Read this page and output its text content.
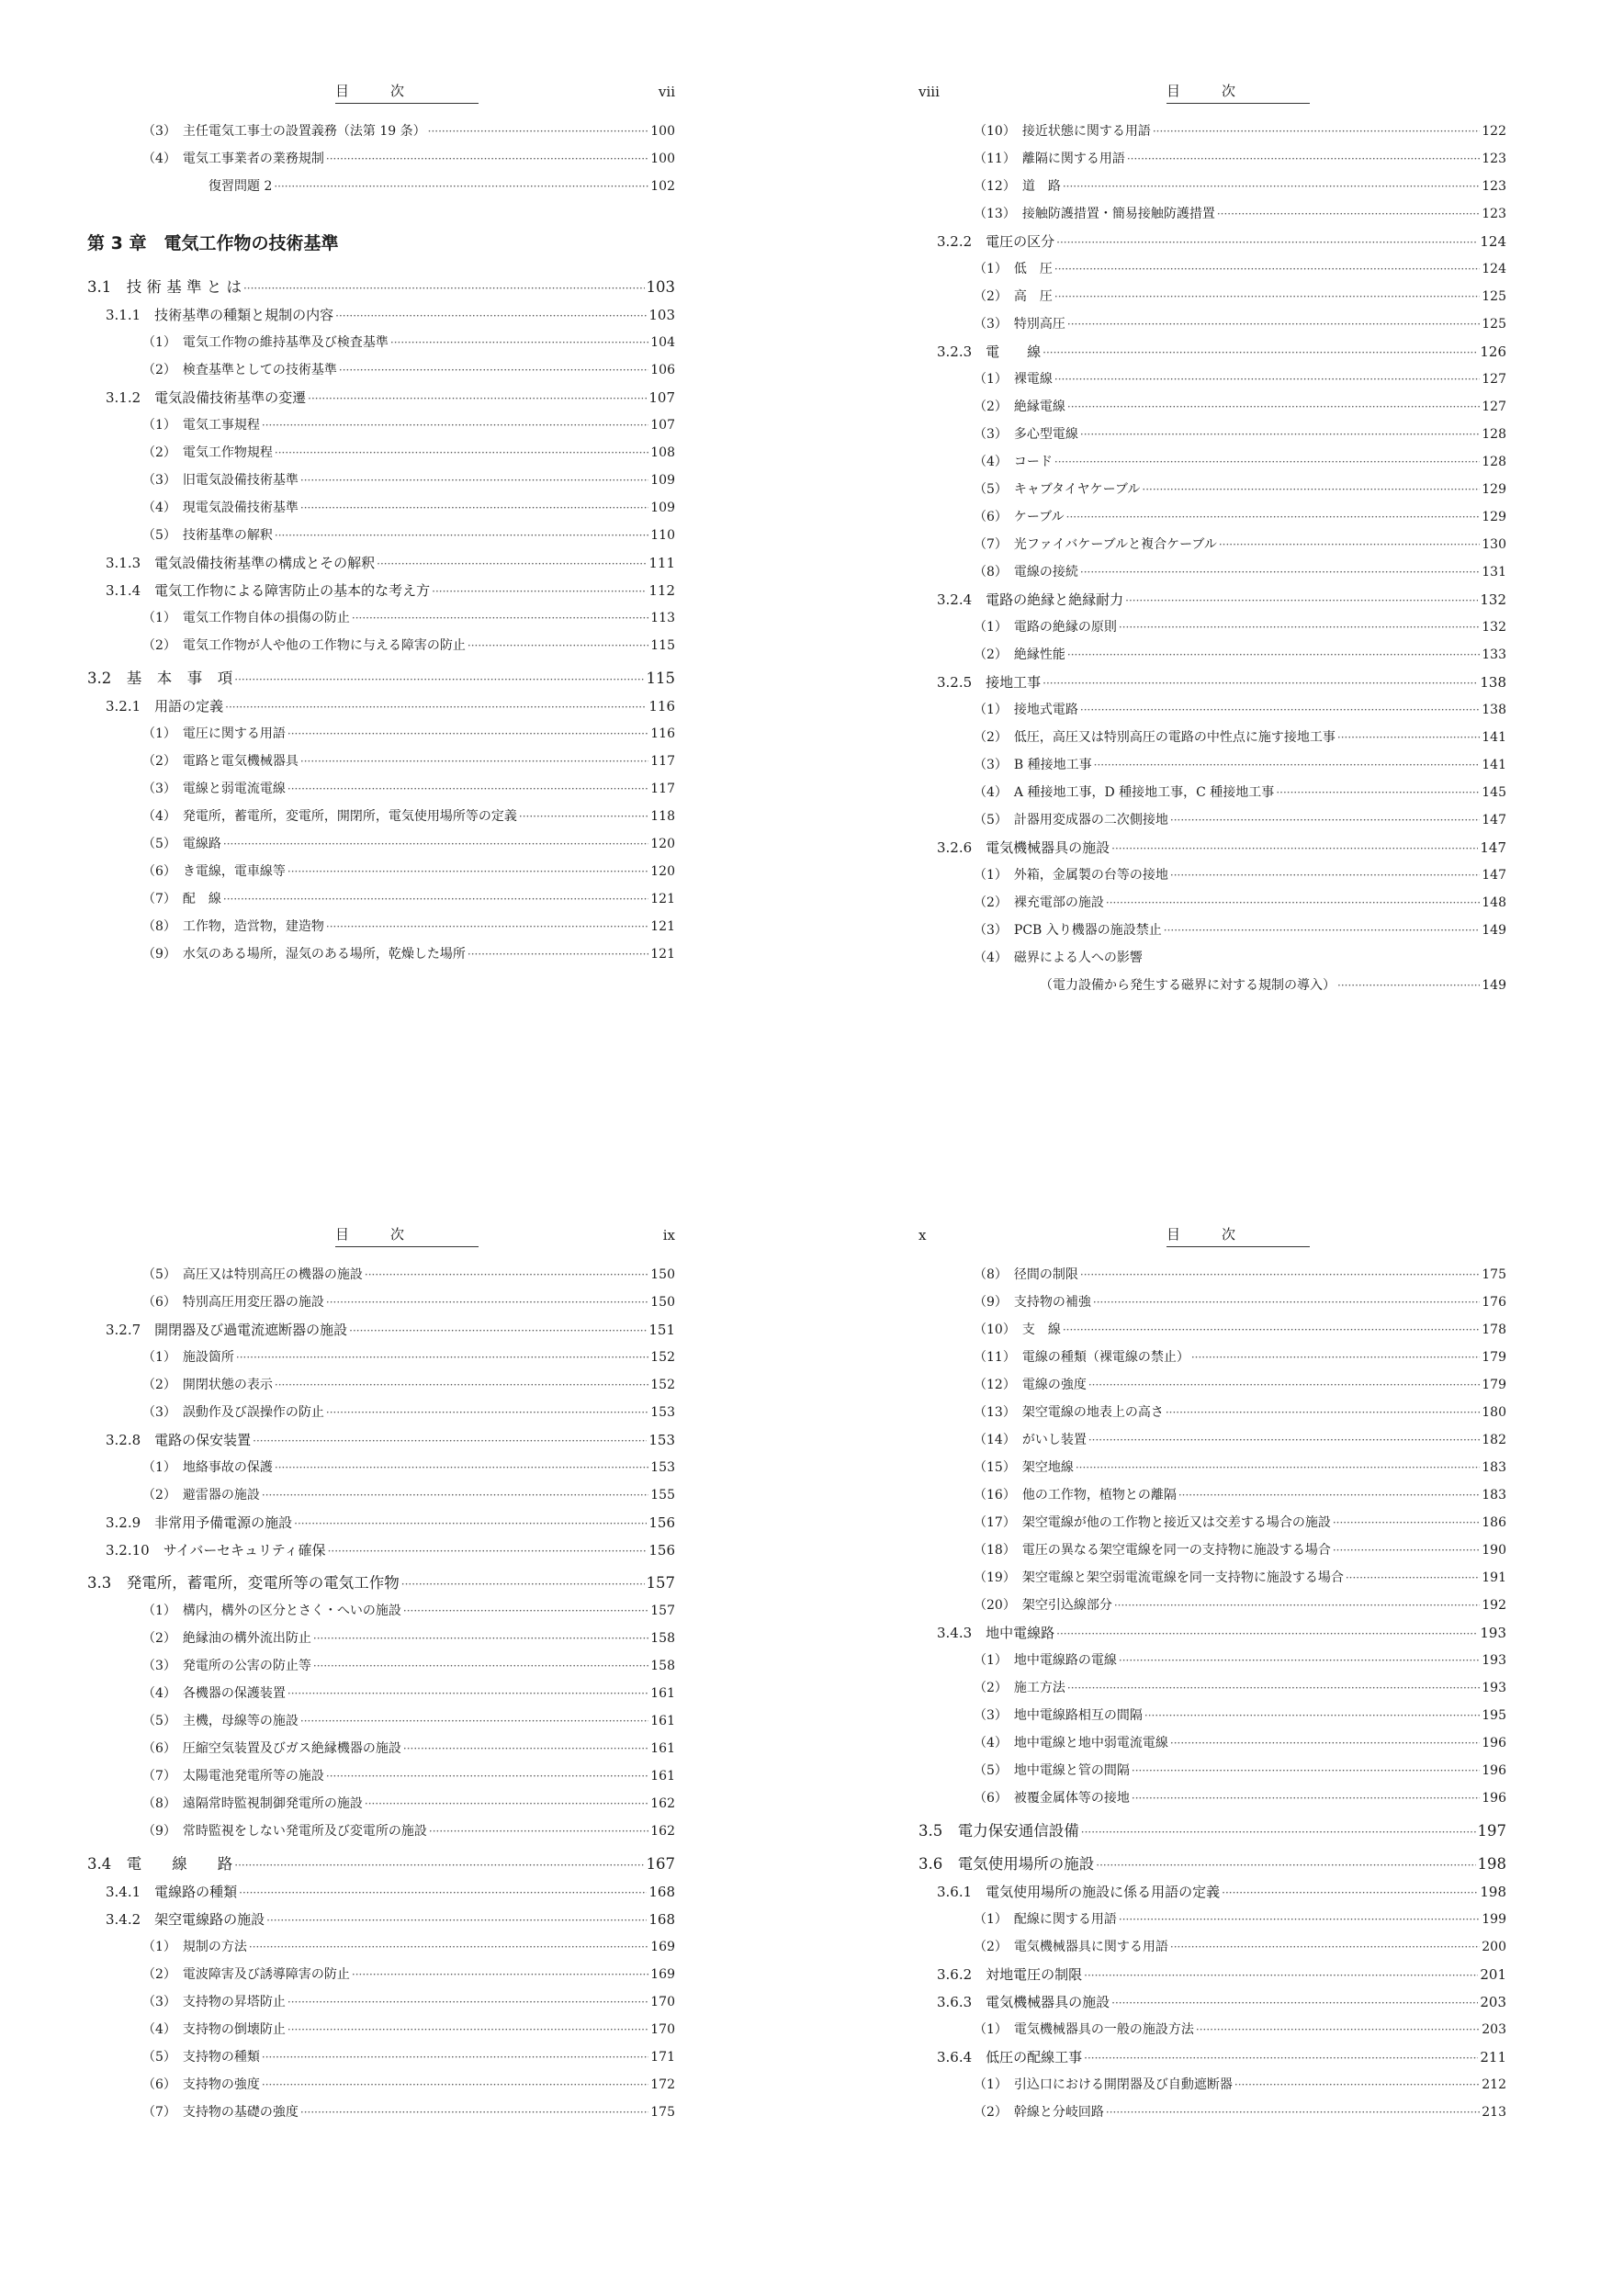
目　　　次	vii
（3）　主任電気工事士の設置義務（法第 19 条） ·····	100
（4）　電気工事業者の業務規制 ·····	100
復習問題 2 ·····	102
第 3 章　電気工作物の技術基準
3.1　技 術 基 準 と は ·····	103
3.1.1　技術基準の種類と規制の内容 ·····	103
（1）　電気工作物の維持基準及び検査基準 ·····	104
（2）　検査基準としての技術基準 ·····	106
3.1.2　電気設備技術基準の変遷 ·····	107
（1）　電気工事規程 ·····	107
（2）　電気工作物規程 ·····	108
（3）　旧電気設備技術基準 ·····	109
（4）　現電気設備技術基準 ·····	109
（5）　技術基準の解釈 ·····	110
3.1.3　電気設備技術基準の構成とその解釈 ·····	111
3.1.4　電気工作物による障害防止の基本的な考え方 ·····	112
（1）　電気工作物自体の損傷の防止 ·····	113
（2）　電気工作物が人や他の工作物に与える障害の防止 ·····	115
3.2　基　本　事　項 ·····	115
3.2.1　用語の定義 ·····	116
（1）　電圧に関する用語 ·····	116
（2）　電路と電気機械器具 ·····	117
（3）　電線と弱電流電線 ·····	117
（4）　発電所，蓄電所，変電所，開閉所，電気使用場所等の定義 ·····	118
（5）　電線路 ·····	120
（6）　き電線，電車線等 ·····	120
（7）　配　線 ·····	121
（8）　工作物，造営物，建造物 ·····	121
（9）　水気のある場所，湿気のある場所，乾燥した場所 ·····	121
viii	目　　　次
（10）　接近状態に関する用語 ·····	122
（11）　離隔に関する用語 ·····	123
（12）　道　路 ·····	123
（13）　接触防護措置・簡易接触防護措置 ·····	123
3.2.2　電圧の区分 ·····	124
（1）　低　圧 ·····	124
（2）　高　圧 ·····	125
（3）　特別高圧 ·····	125
3.2.3　電　　線 ·····	126
（1）　裸電線 ·····	127
（2）　絶縁電線 ·····	127
（3）　多心型電線 ·····	128
（4）　コード ·····	128
（5）　キャブタイヤケーブル ·····	129
（6）　ケーブル ·····	129
（7）　光ファイバケーブルと複合ケーブル ·····	130
（8）　電線の接続 ·····	131
3.2.4　電路の絶縁と絶縁耐力 ·····	132
（1）　電路の絶縁の原則 ·····	132
（2）　絶縁性能 ·····	133
3.2.5　接地工事 ·····	138
（1）　接地式電路 ·····	138
（2）　低圧，高圧又は特別高圧の電路の中性点に施す接地工事 ·····	141
（3）　B 種接地工事 ·····	141
（4）　A 種接地工事，D 種接地工事，C 種接地工事 ·····	145
（5）　計器用変成器の二次側接地 ·····	147
3.2.6　電気機械器具の施設 ·····	147
（1）　外箱，金属製の台等の接地 ·····	147
（2）　裸充電部の施設 ·····	148
（3）　PCB 入り機器の施設禁止 ·····	149
（4）　磁界による人への影響
（電力設備から発生する磁界に対する規制の導入） ·····	149
目　　　次	ix
（5）　高圧又は特別高圧の機器の施設 ·····	150
（6）　特別高圧用変圧器の施設 ·····	150
3.2.7　開閉器及び過電流遮断器の施設 ·····	151
（1）　施設箇所 ·····	152
（2）　開閉状態の表示 ·····	152
（3）　誤動作及び誤操作の防止 ·····	153
3.2.8　電路の保安装置 ·····	153
（1）　地絡事故の保護 ·····	153
（2）　避雷器の施設 ·····	155
3.2.9　非常用予備電源の施設 ·····	156
3.2.10　サイバーセキュリティ確保 ·····	156
3.3　発電所，蓄電所，変電所等の電気工作物 ·····	157
（1）　構内，構外の区分とさく・へいの施設 ·····	157
（2）　絶縁油の構外流出防止 ·····	158
（3）　発電所の公害の防止等 ·····	158
（4）　各機器の保護装置 ·····	161
（5）　主機，母線等の施設 ·····	161
（6）　圧縮空気装置及びガス絶縁機器の施設 ·····	161
（7）　太陽電池発電所等の施設 ·····	161
（8）　遠隔常時監視制御発電所の施設 ·····	162
（9）　常時監視をしない発電所及び変電所の施設 ·····	162
3.4　電　　線　　路 ·····	167
3.4.1　電線路の種類 ·····	168
3.4.2　架空電線路の施設 ·····	168
（1）　規制の方法 ·····	169
（2）　電波障害及び誘導障害の防止 ·····	169
（3）　支持物の昇塔防止 ·····	170
（4）　支持物の倒壊防止 ·····	170
（5）　支持物の種類 ·····	171
（6）　支持物の強度 ·····	172
（7）　支持物の基礎の強度 ·····	175
x	目　　　次
（8）　径間の制限 ·····	175
（9）　支持物の補強 ·····	176
（10）　支　線 ·····	178
（11）　電線の種類（裸電線の禁止） ·····	179
（12）　電線の強度 ·····	179
（13）　架空電線の地表上の高さ ·····	180
（14）　がいし装置 ·····	182
（15）　架空地線 ·····	183
（16）　他の工作物，植物との離隔 ·····	183
（17）　架空電線が他の工作物と接近又は交差する場合の施設 ·····	186
（18）　電圧の異なる架空電線を同一の支持物に施設する場合 ·····	190
（19）　架空電線と架空弱電流電線を同一支持物に施設する場合 ·····	191
（20）　架空引込線部分 ·····	192
3.4.3　地中電線路 ·····	193
（1）　地中電線路の電線 ·····	193
（2）　施工方法 ·····	193
（3）　地中電線路相互の間隔 ·····	195
（4）　地中電線と地中弱電流電線 ·····	196
（5）　地中電線と管の間隔 ·····	196
（6）　被覆金属体等の接地 ·····	196
3.5　電力保安通信設備 ·····	197
3.6　電気使用場所の施設 ·····	198
3.6.1　電気使用場所の施設に係る用語の定義 ·····	198
（1）　配線に関する用語 ·····	199
（2）　電気機械器具に関する用語 ·····	200
3.6.2　対地電圧の制限 ·····	201
3.6.3　電気機械器具の施設 ·····	203
（1）　電気機械器具の一般の施設方法 ·····	203
3.6.4　低圧の配線工事 ·····	211
（1）　引込口における開閉器及び自動遮断器 ·····	212
（2）　幹線と分岐回路 ·····	213
